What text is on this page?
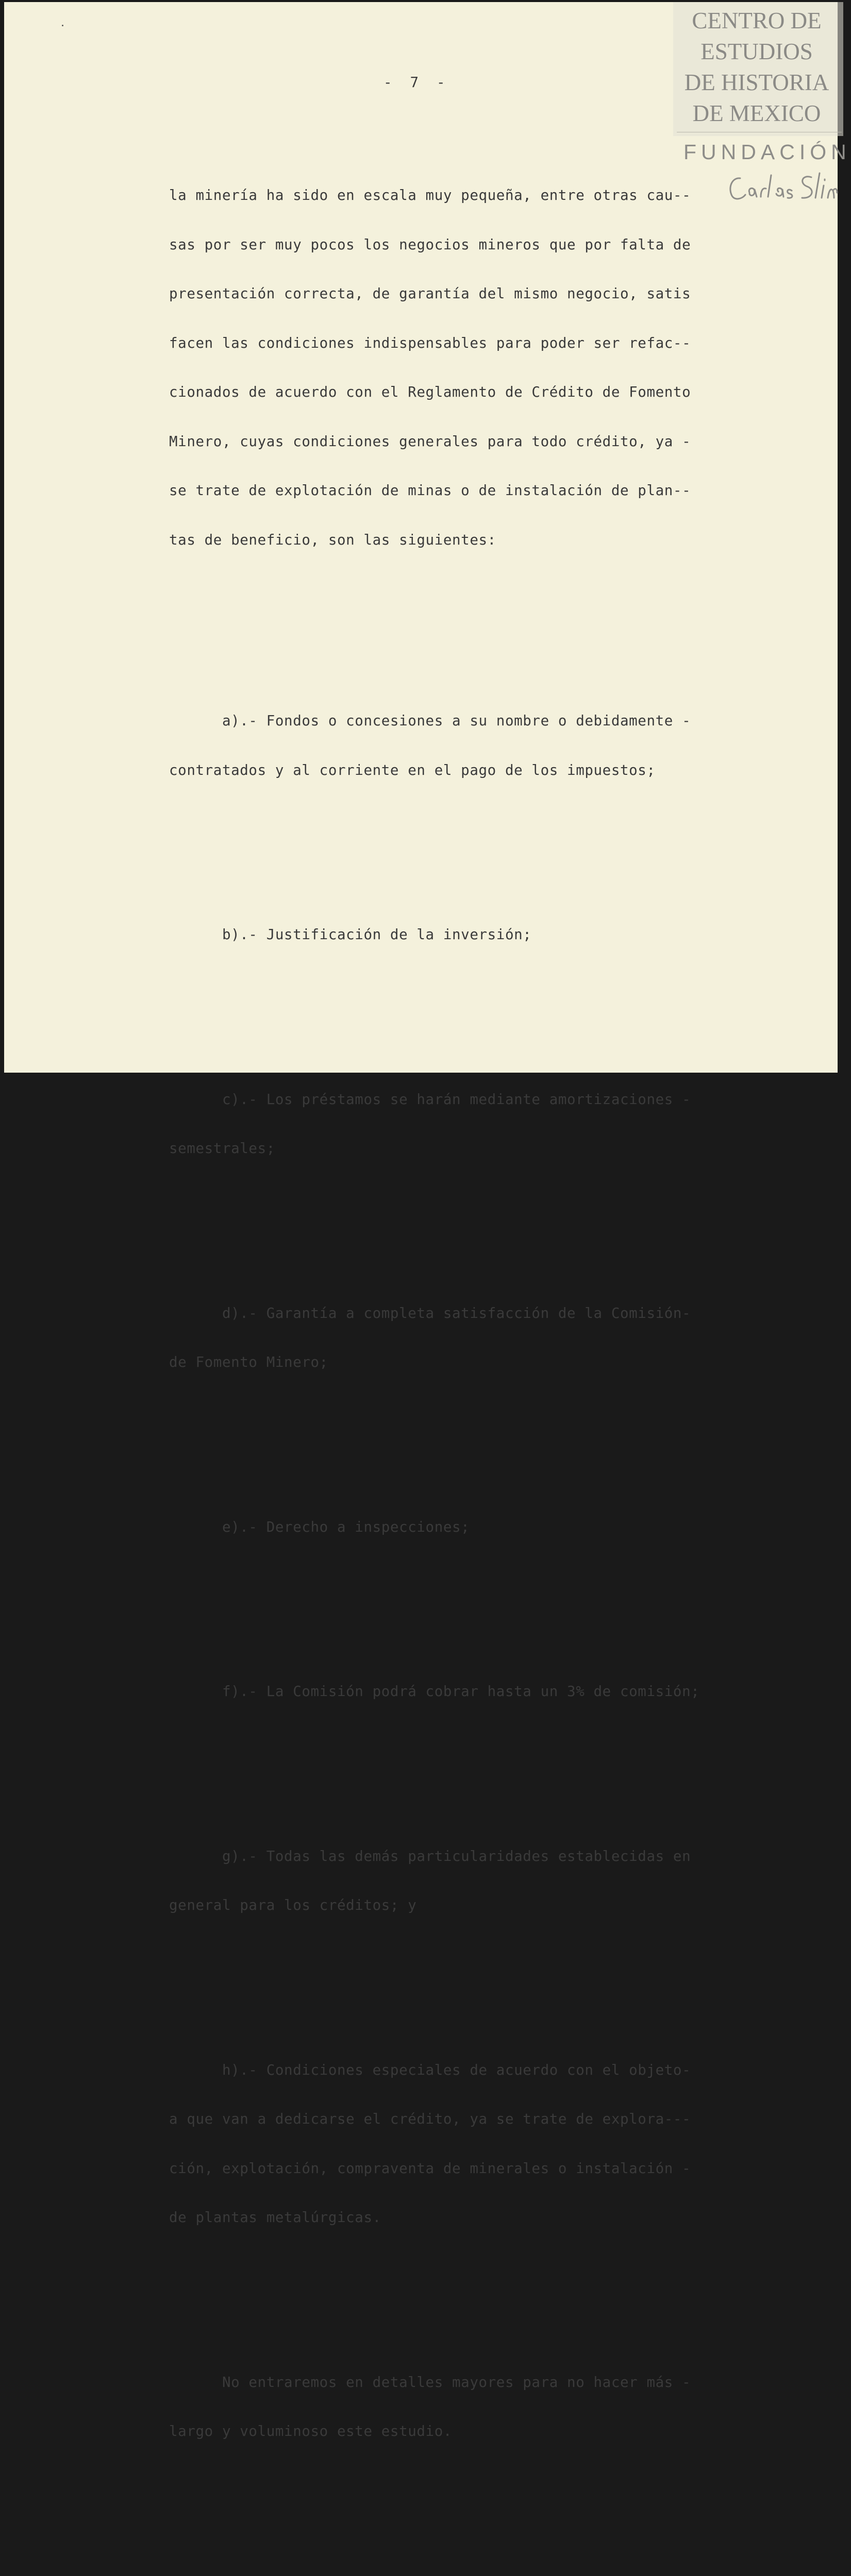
-  7  -

la minería ha sido en escala muy pequeña, entre otras cau--

sas por ser muy pocos los negocios mineros que por falta de

presentación correcta, de garantía del mismo negocio, satis

facen las condiciones indispensables para poder ser refac--

cionados de acuerdo con el Reglamento de Crédito de Fomento

Minero, cuyas condiciones generales para todo crédito, ya -

se trate de explotación de minas o de instalación de plan--

tas de beneficio, son las siguientes:

a).- Fondos o concesiones a su nombre o debidamente -

contratados y al corriente en el pago de los impuestos;

b).- Justificación de la inversión;

c).- Los préstamos se harán mediante amortizaciones -

semestrales;

d).- Garantía a completa satisfacción de la Comisión-

de Fomento Minero;

e).- Derecho a inspecciones;

f).- La Comisión podrá cobrar hasta un 3% de comisión;

g).- Todas las demás particularidades establecidas en

general para los créditos; y

h).- Condiciones especiales de acuerdo con el objeto-

a que van a dedicarse el crédito, ya se trate de explora---

ción, explotación, compraventa de minerales o instalación -

de plantas metalúrgicas.

No entraremos en detalles mayores para no hacer más -

largo y voluminoso este estudio.

CENTRO DE
ESTUDIOS
DE HISTORIA
DE MEXICO

FUNDACIÓN
